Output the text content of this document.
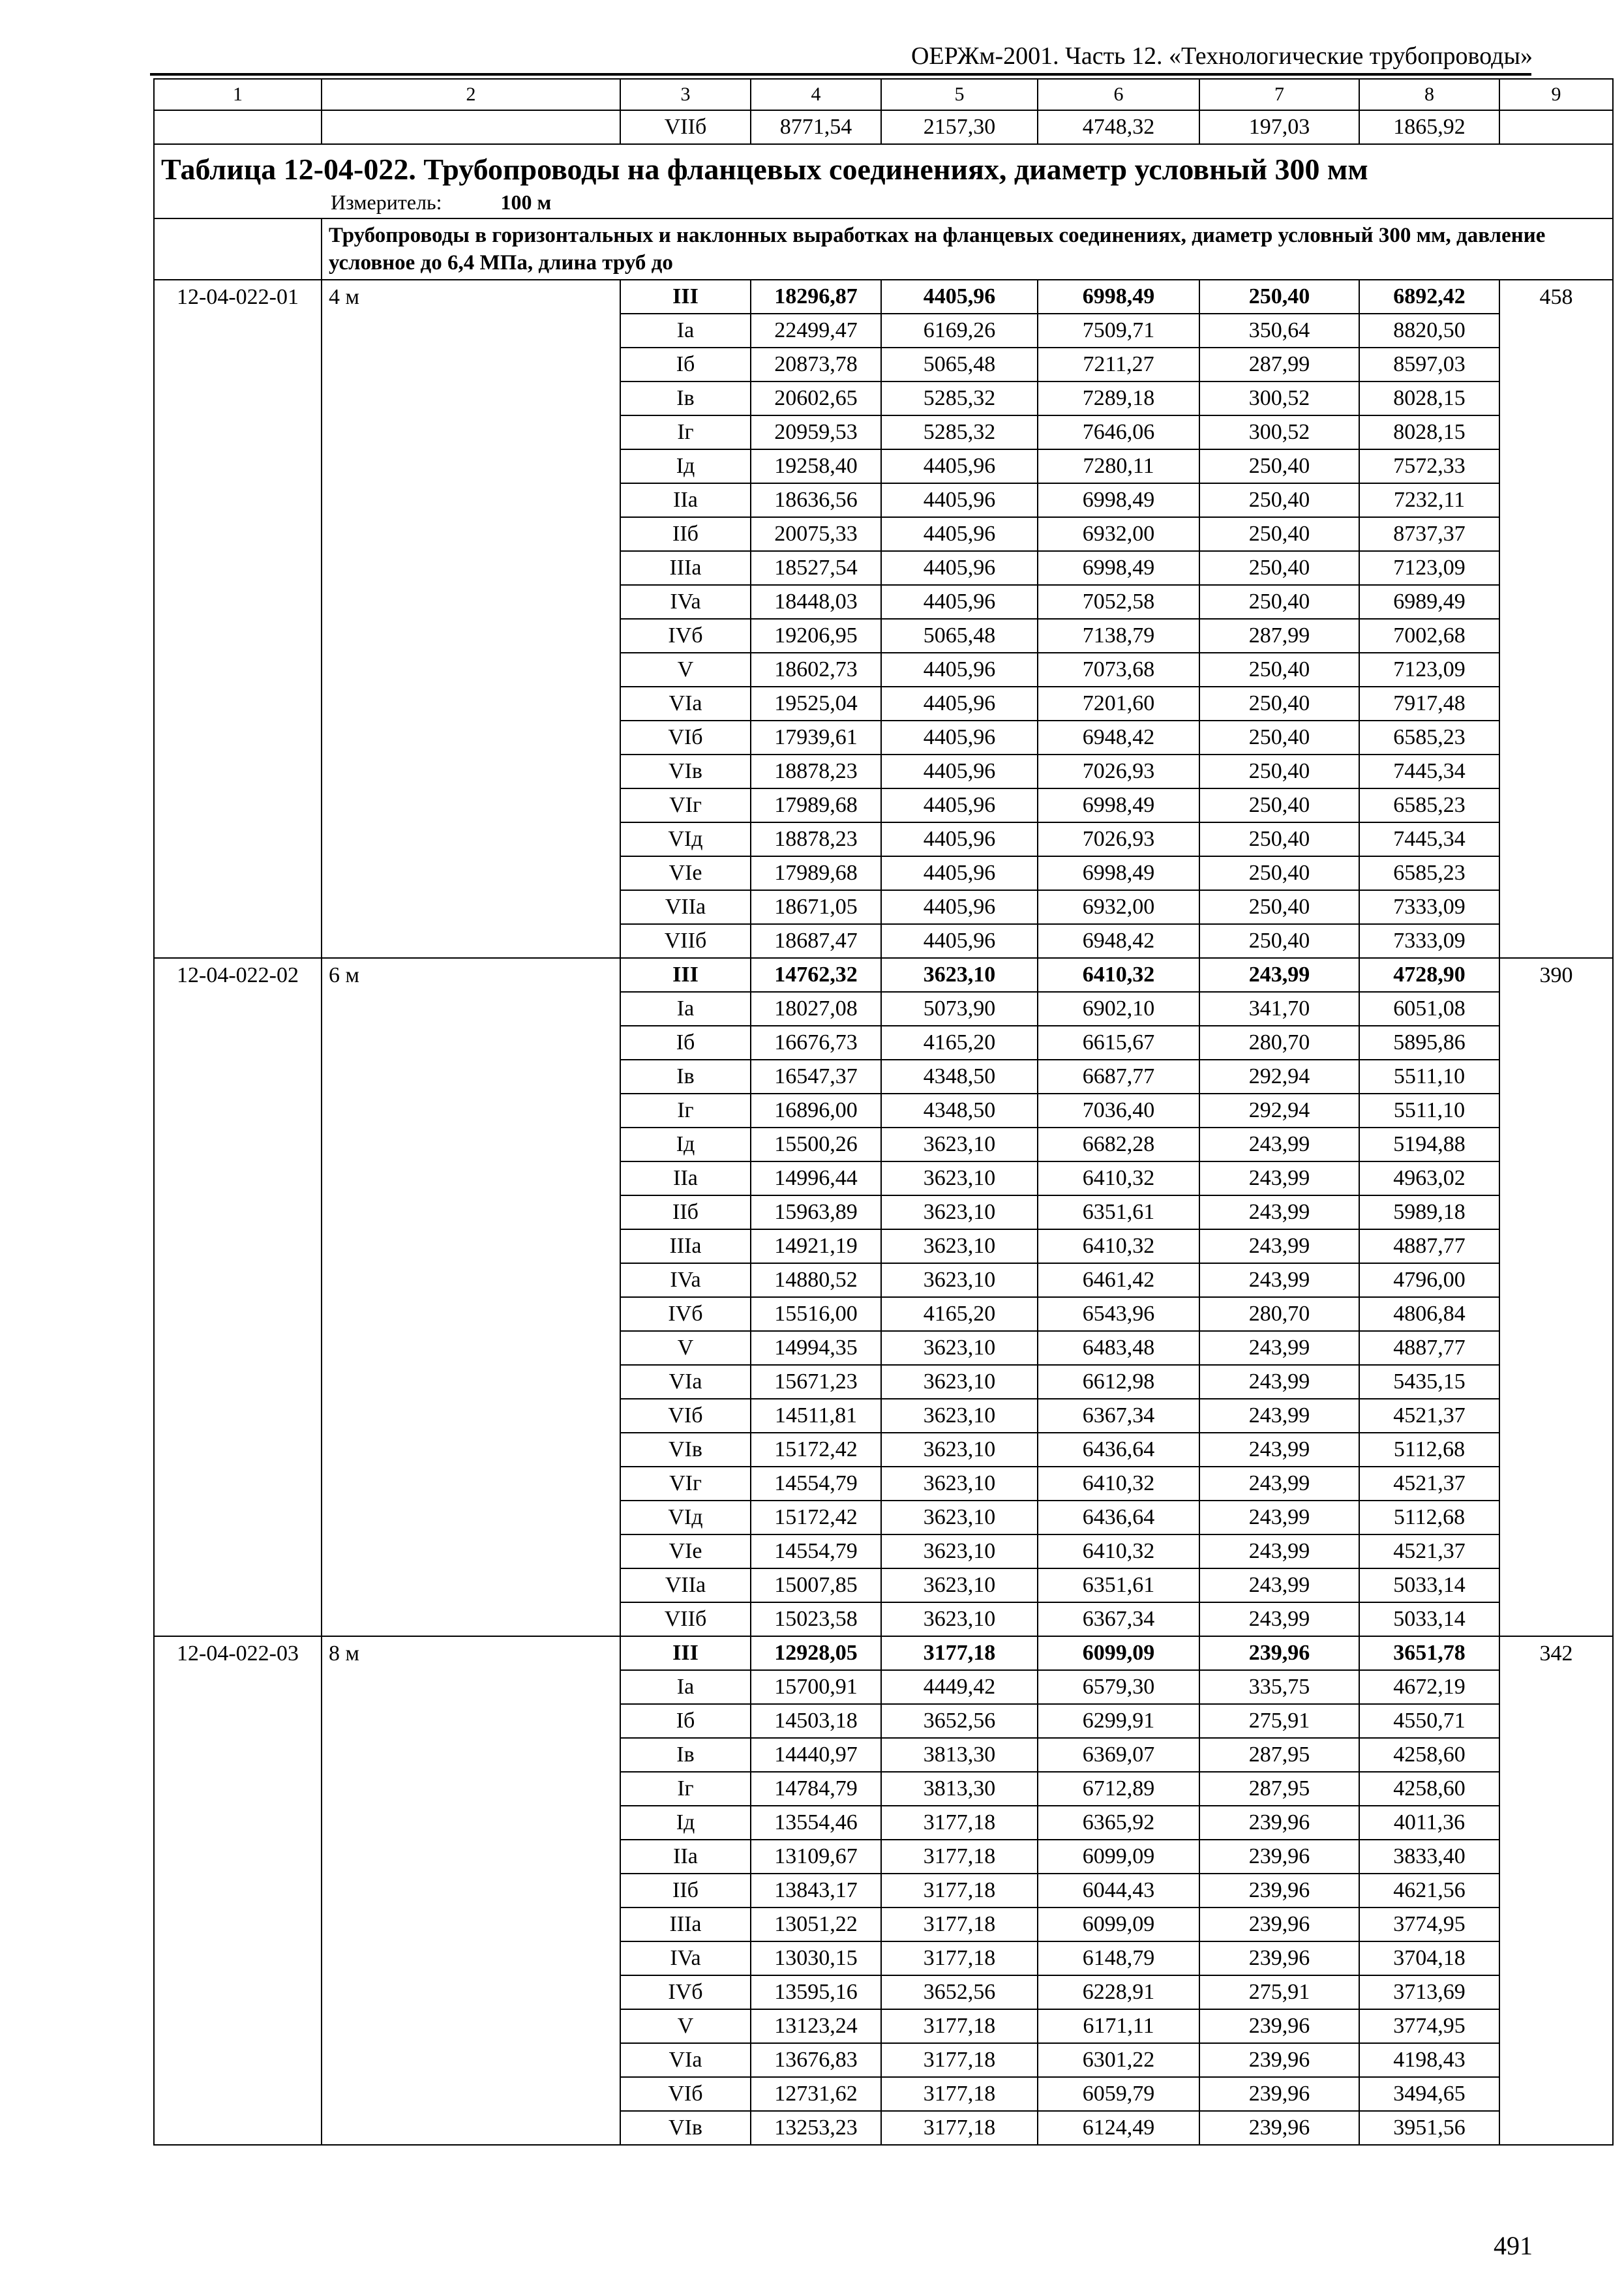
ОЕРЖм-2001. Часть 12. «Технологические трубопроводы»
1	2	3	4	5	6	7	8	9
		VIIб	8771,54	2157,30	4748,32	197,03	1865,92	

Таблица 12-04-022. Трубопроводы на фланцевых соединениях, диаметр условный 300 мм
Измеритель: 100 м								

	Трубопроводы в горизонтальных и наклонных выработках на фланцевых соединениях, диаметр условный 300 мм, давление условное до 6,4 МПа, длина труб до							
12-04-022-01	4 м	III	18296,87	4405,96	6998,49	250,40	6892,42	458
		Ia	22499,47	6169,26	7509,71	350,64	8820,50	
		Iб	20873,78	5065,48	7211,27	287,99	8597,03	
		Iв	20602,65	5285,32	7289,18	300,52	8028,15	
		Iг	20959,53	5285,32	7646,06	300,52	8028,15	
		Iд	19258,40	4405,96	7280,11	250,40	7572,33	
		IIa	18636,56	4405,96	6998,49	250,40	7232,11	
		IIб	20075,33	4405,96	6932,00	250,40	8737,37	
		IIIa	18527,54	4405,96	6998,49	250,40	7123,09	
		IVa	18448,03	4405,96	7052,58	250,40	6989,49	
		IVб	19206,95	5065,48	7138,79	287,99	7002,68	
		V	18602,73	4405,96	7073,68	250,40	7123,09	
		VIa	19525,04	4405,96	7201,60	250,40	7917,48	
		VIб	17939,61	4405,96	6948,42	250,40	6585,23	
		VIв	18878,23	4405,96	7026,93	250,40	7445,34	
		VIг	17989,68	4405,96	6998,49	250,40	6585,23	
		VIд	18878,23	4405,96	7026,93	250,40	7445,34	
		VIe	17989,68	4405,96	6998,49	250,40	6585,23	
		VIIa	18671,05	4405,96	6932,00	250,40	7333,09	
		VIIб	18687,47	4405,96	6948,42	250,40	7333,09	
12-04-022-02	6 м	III	14762,32	3623,10	6410,32	243,99	4728,90	390
		Ia	18027,08	5073,90	6902,10	341,70	6051,08	
		Iб	16676,73	4165,20	6615,67	280,70	5895,86	
		Iв	16547,37	4348,50	6687,77	292,94	5511,10	
		Iг	16896,00	4348,50	7036,40	292,94	5511,10	
		Iд	15500,26	3623,10	6682,28	243,99	5194,88	
		IIa	14996,44	3623,10	6410,32	243,99	4963,02	
		IIб	15963,89	3623,10	6351,61	243,99	5989,18	
		IIIa	14921,19	3623,10	6410,32	243,99	4887,77	
		IVa	14880,52	3623,10	6461,42	243,99	4796,00	
		IVб	15516,00	4165,20	6543,96	280,70	4806,84	
		V	14994,35	3623,10	6483,48	243,99	4887,77	
		VIa	15671,23	3623,10	6612,98	243,99	5435,15	
		VIб	14511,81	3623,10	6367,34	243,99	4521,37	
		VIв	15172,42	3623,10	6436,64	243,99	5112,68	
		VIг	14554,79	3623,10	6410,32	243,99	4521,37	
		VIд	15172,42	3623,10	6436,64	243,99	5112,68	
		VIe	14554,79	3623,10	6410,32	243,99	4521,37	
		VIIa	15007,85	3623,10	6351,61	243,99	5033,14	
		VIIб	15023,58	3623,10	6367,34	243,99	5033,14	
12-04-022-03	8 м	III	12928,05	3177,18	6099,09	239,96	3651,78	342
		Ia	15700,91	4449,42	6579,30	335,75	4672,19	
		Iб	14503,18	3652,56	6299,91	275,91	4550,71	
		Iв	14440,97	3813,30	6369,07	287,95	4258,60	
		Iг	14784,79	3813,30	6712,89	287,95	4258,60	
		Iд	13554,46	3177,18	6365,92	239,96	4011,36	
		IIa	13109,67	3177,18	6099,09	239,96	3833,40	
		IIб	13843,17	3177,18	6044,43	239,96	4621,56	
		IIIa	13051,22	3177,18	6099,09	239,96	3774,95	
		IVa	13030,15	3177,18	6148,79	239,96	3704,18	
		IVб	13595,16	3652,56	6228,91	275,91	3713,69	
		V	13123,24	3177,18	6171,11	239,96	3774,95	
		VIa	13676,83	3177,18	6301,22	239,96	4198,43	
		VIб	12731,62	3177,18	6059,79	239,96	3494,65	
		VIв	13253,23	3177,18	6124,49	239,96	3951,56	
491
